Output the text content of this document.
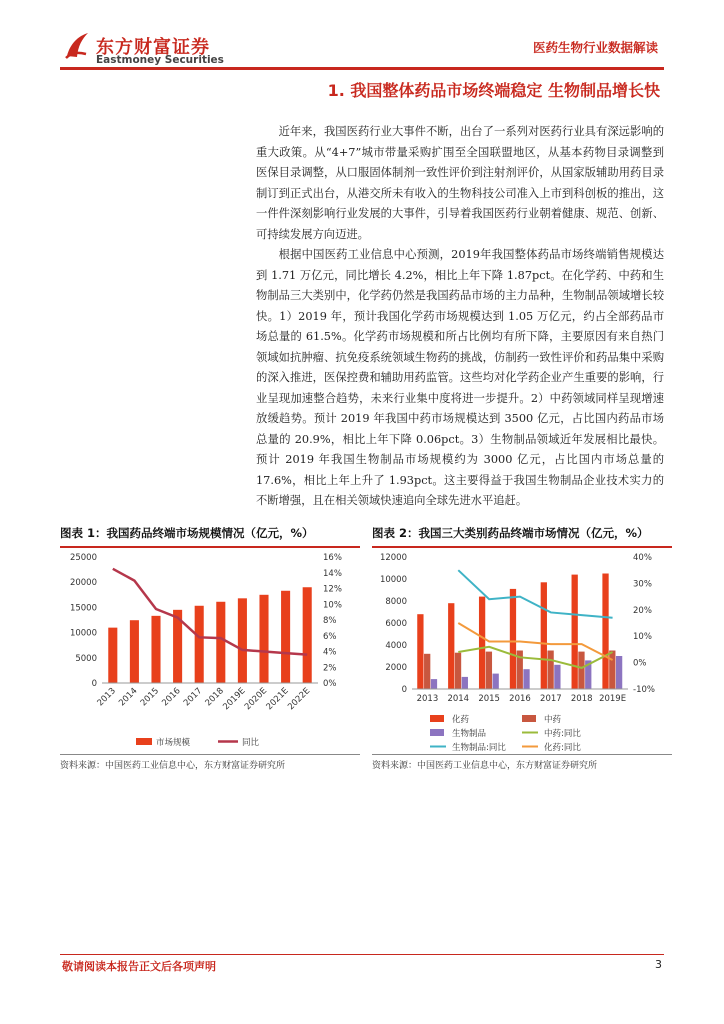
东方财富证券
Eastmoney Securities
医药生物行业数据解读
1. 我国整体药品市场终端稳定 生物制品增长快

近年来，我国医药行业大事件不断，出台了一系列对医药行业具有深远影响的重大政策。从“4+7”城市带量采购扩围至全国联盟地区，从基本药物目录调整到医保目录调整，从口服固体制剂一致性评价到注射剂评价，从国家版辅助用药目录制订到正式出台，从港交所未有收入的生物科技公司准入上市到科创板的推出，这一件件深刻影响行业发展的大事件，引导着我国医药行业朝着健康、规范、创新、可持续发展方向迈进。

根据中国医药工业信息中心预测，2019年我国整体药品市场终端销售规模达到 1.71 万亿元，同比增长 4.2%，相比上年下降 1.87pct。在化学药、中药和生物制品三大类别中，化学药仍然是我国药品市场的主力品种，生物制品领域增长较快。1）2019 年，预计我国化学药市场规模达到 1.05 万亿元，约占全部药品市场总量的 61.5%。化学药市场规模和所占比例均有所下降，主要原因有来自热门领域如抗肿瘤、抗免疫系统领域生物药的挑战，仿制药一致性评价和药品集中采购的深入推进，医保控费和辅助用药监管。这些均对化学药企业产生重要的影响，行业呈现加速整合趋势，未来行业集中度将进一步提升。2）中药领域同样呈现增速放缓趋势。预计 2019 年我国中药市场规模达到 3500 亿元，占比国内药品市场总量的 20.9%，相比上年下降 0.06pct。3）生物制品领域近年发展相比最快。预计 2019 年我国生物制品市场规模约为 3000 亿元，占比国内市场总量的 17.6%，相比上年上升了 1.93pct。这主要得益于我国生物制品企业技术实力的不断增强，且在相关领域快速追向全球先进水平追赶。

图表 1：我国药品终端市场规模情况（亿元，%）
25000
20000
15000
10000
5000
0
16%
14%
12%
10%
8%
6%
4%
2%
0%
2013 2014 2015 2016 2017 2018
2019E
2020E
2021E
2022E
市场规模	同比
资料来源：中国医药工业信息中心，东方财富证券研究所
图表 2：我国三大类别药品终端市场情况（亿元，%）
12000
10000
8000
6000
4000
2000
0
40%
30%
20%
10%
0%
-10%
2013 2014 2015 2016 2017 2018 2019E
化药	中药
生物制品	中药:同比
生物制品:同比	化药:同比
资料来源：中国医药工业信息中心，东方财富证券研究所
敬请阅读本报告正文后各项声明	3
